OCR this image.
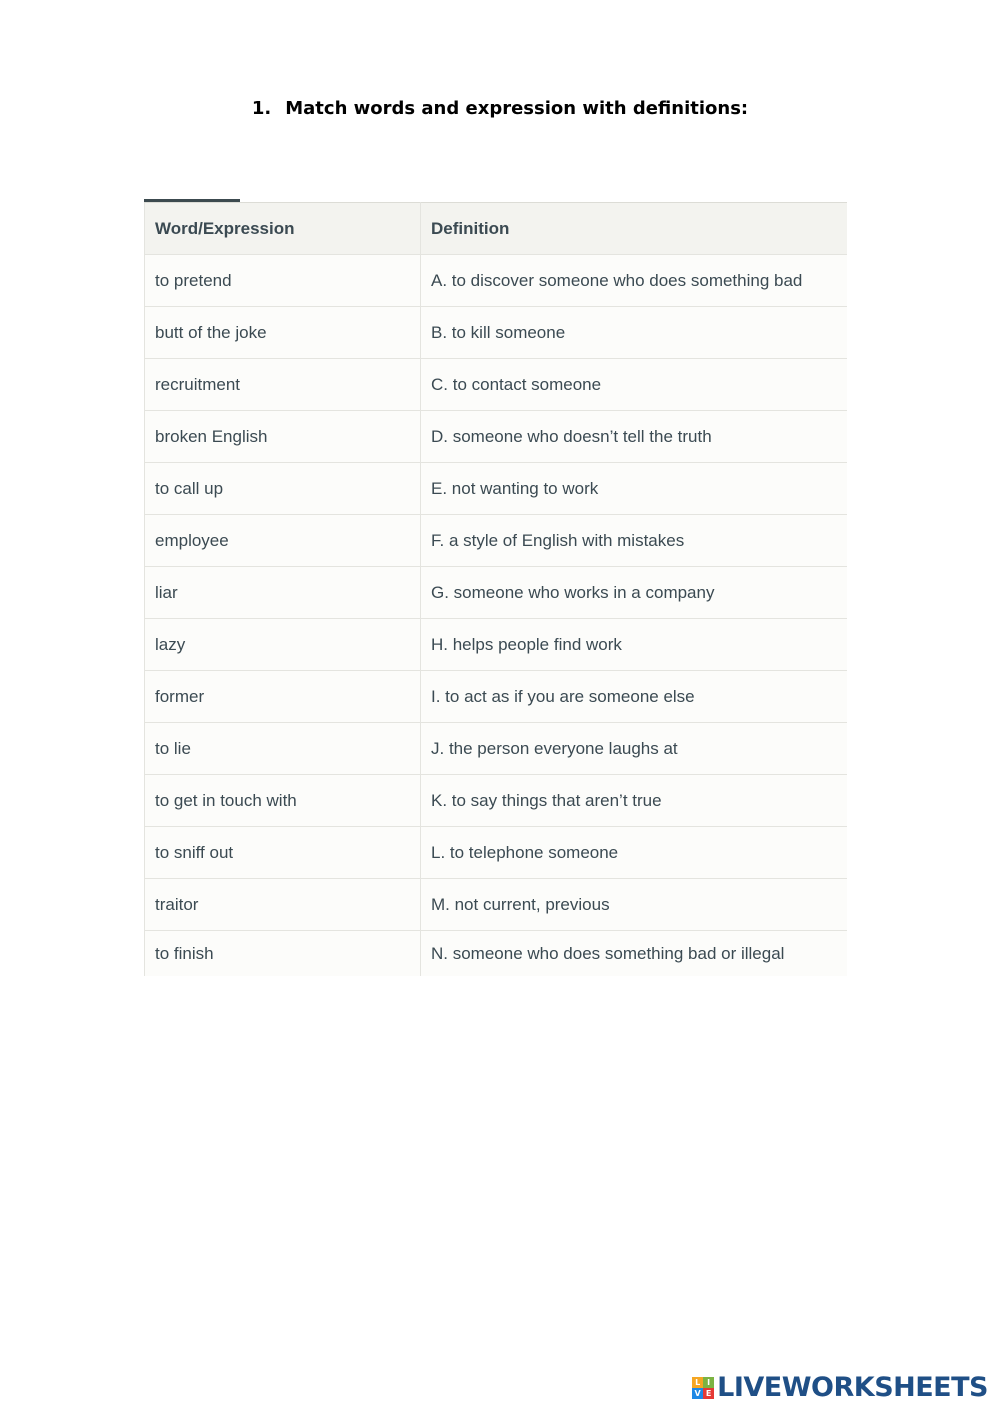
1. Match words and expression with definitions:
Word/Expression	Definition
to pretend	A. to discover someone who does something bad
butt of the joke	B. to kill someone
recruitment	C. to contact someone
broken English	D. someone who doesn’t tell the truth
to call up	E. not wanting to work
employee	F. a style of English with mistakes
liar	G. someone who works in a company
lazy	H. helps people find work
former	I. to act as if you are someone else
to lie	J. the person everyone laughs at
to get in touch with	K. to say things that aren’t true
to sniff out	L. to telephone someone
traitor	M. not current, previous
to finish	N. someone who does something bad or illegal
L I
V E LIVEWORKSHEETS
